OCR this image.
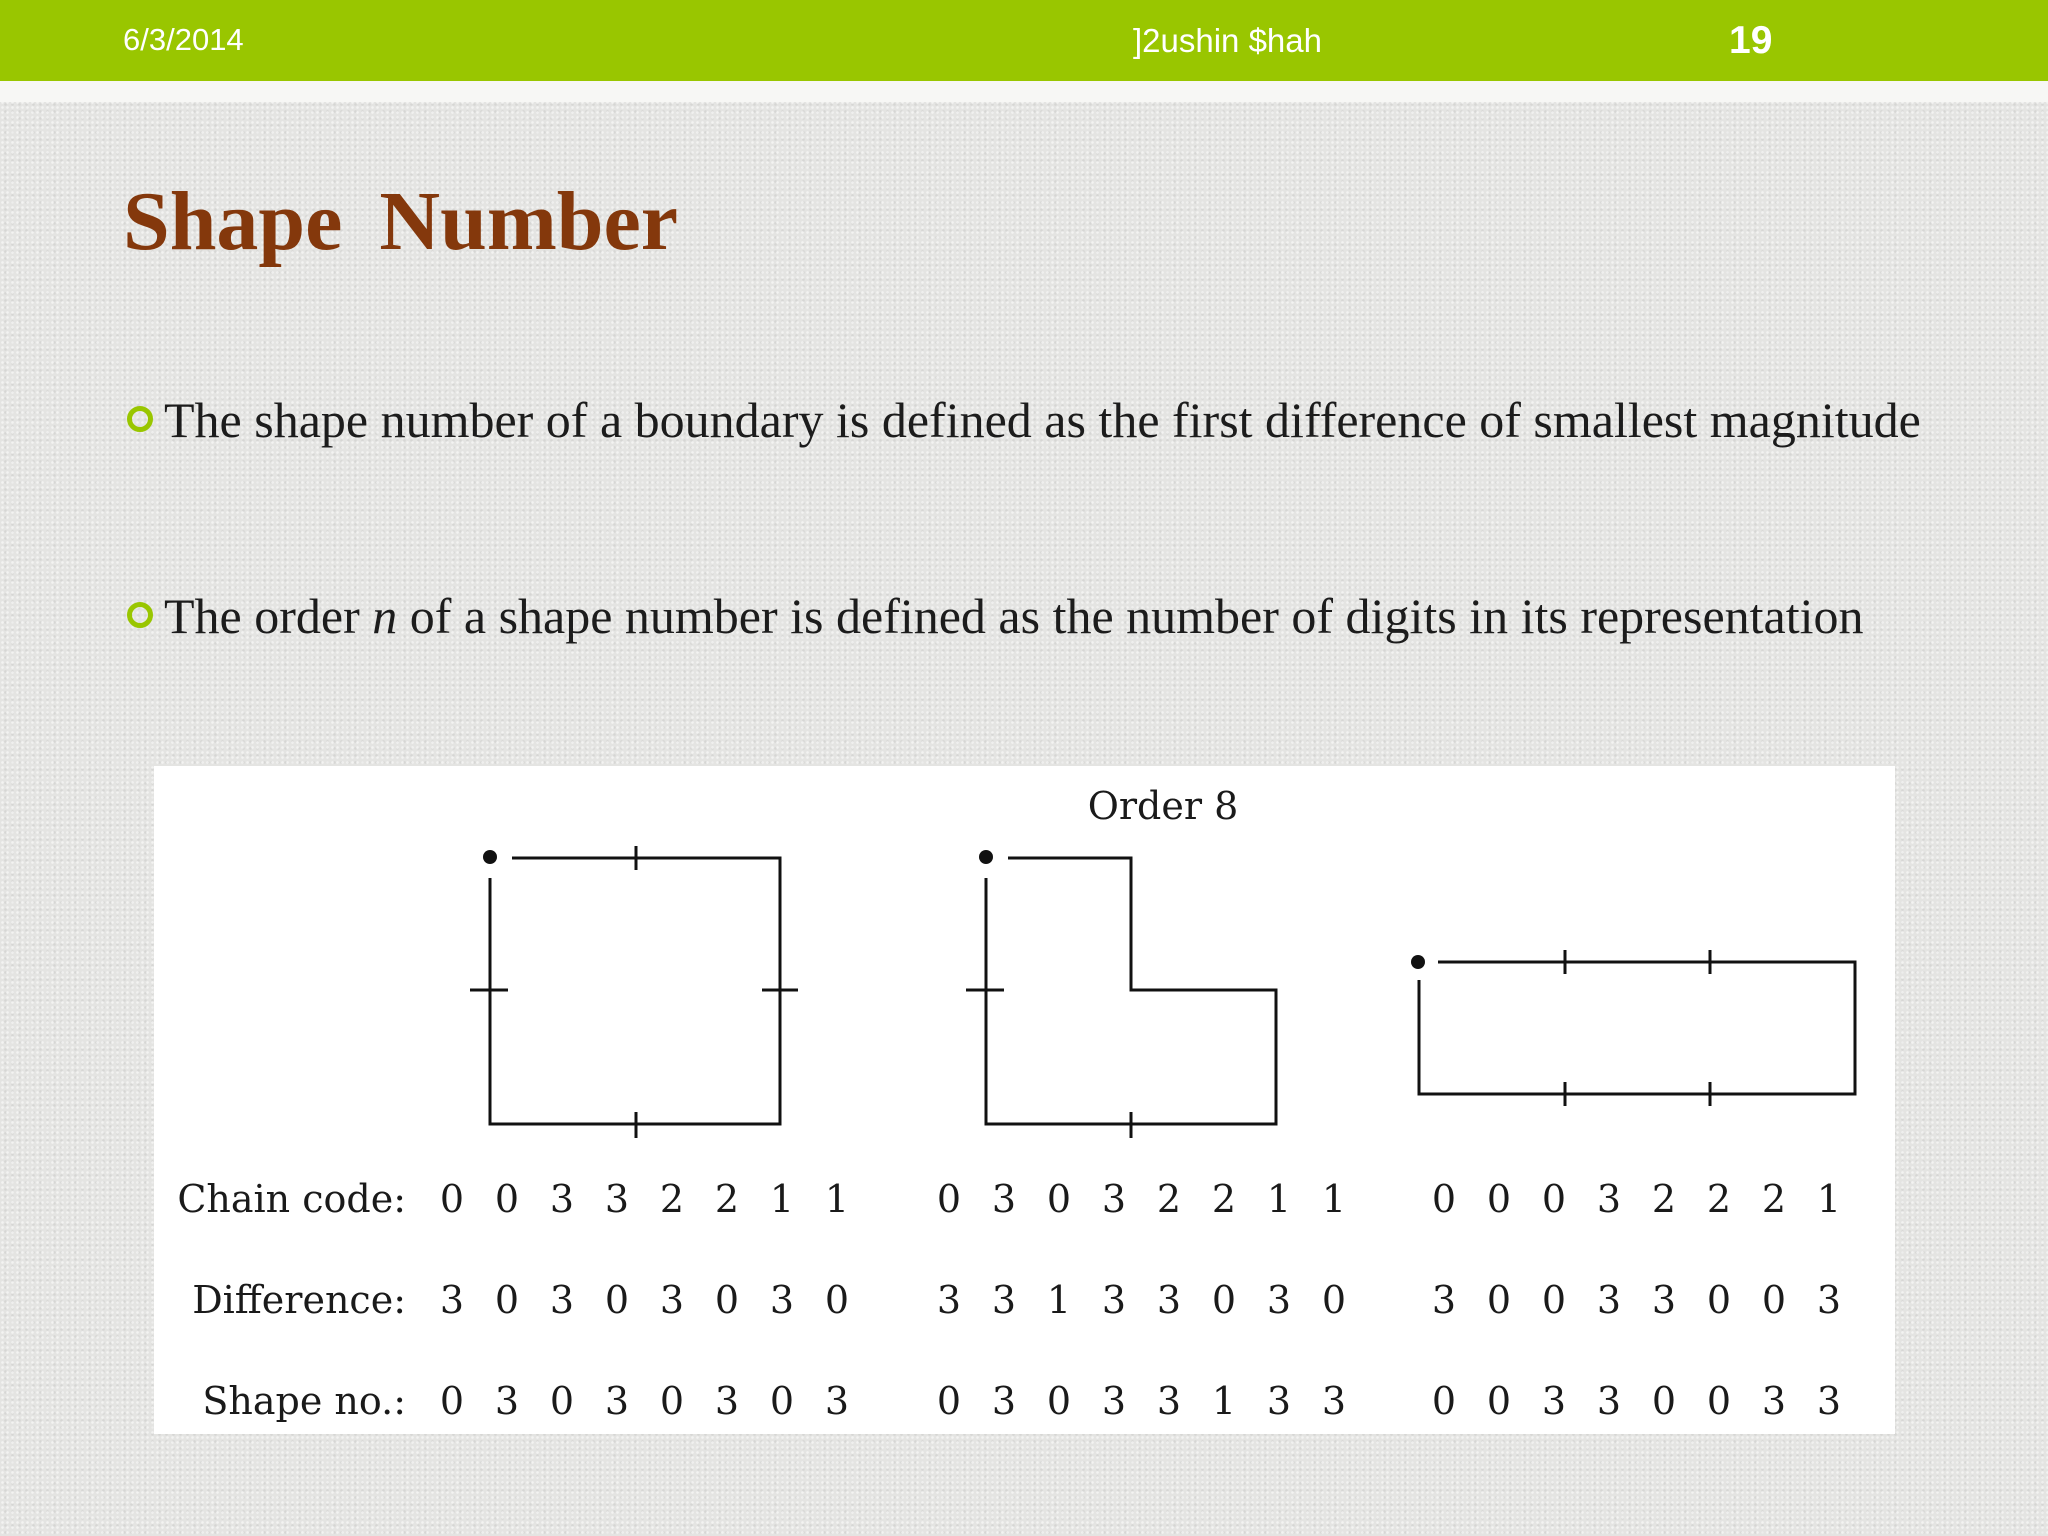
6/3/2014	]2ushin $hah	19
Shape Number
The shape number of a boundary is defined as the first difference of smallest magnitude
The order n of a shape number is defined as the number of digits in its representation
Order 8
Chain code:
Difference:
Shape no.:
0 0 3 3 2 2 1 1
3 0 3 0 3 0 3 0
0 3 0 3 0 3 0 3
0 3 0 3 2 2 1 1
3 3 1 3 3 0 3 0
0 3 0 3 3 1 3 3
0 0 0 3 2 2 2 1
3 0 0 3 3 0 0 3
0 0 3 3 0 0 3 3
